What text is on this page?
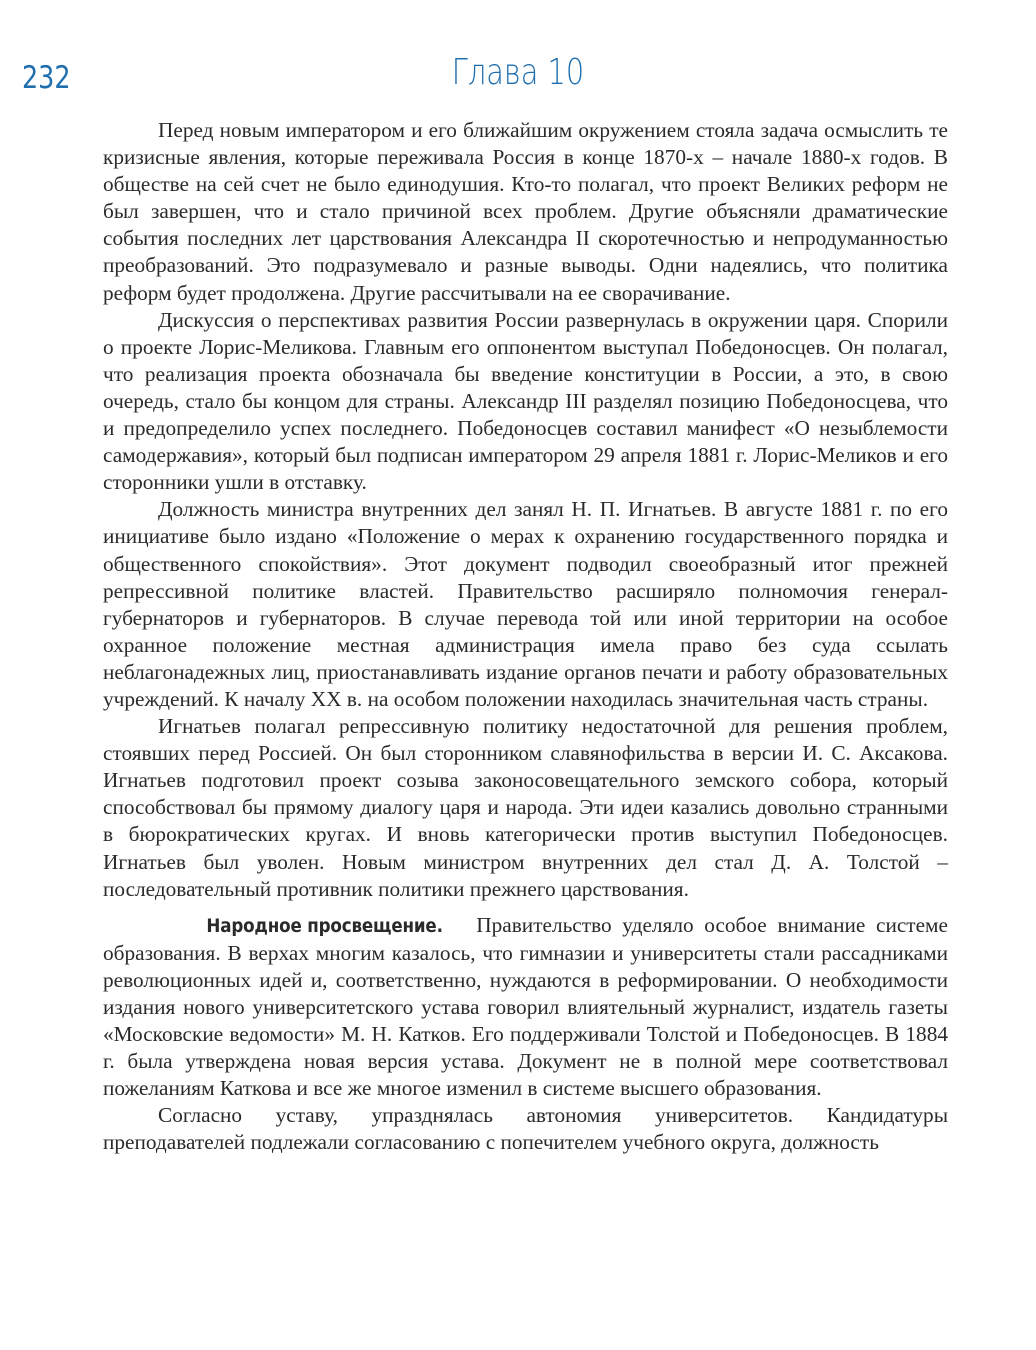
232	Глава 10

Перед новым императором и его ближайшим окружением стояла задача осмыслить те кризисные явления, которые переживала Россия в конце 1870-х – начале 1880-х годов. В обществе на сей счет не было единодушия. Кто-то полагал, что проект Великих реформ не был завершен, что и стало причиной всех проблем. Другие объясняли драматические события последних лет царствования Александра II скоротечностью и непродуманностью преобразований. Это подразумевало и разные выводы. Одни надеялись, что политика реформ будет продолжена. Другие рассчитывали на ее сворачивание.

Дискуссия о перспективах развития России развернулась в окружении царя. Спорили о проекте Лорис-Меликова. Главным его оппонентом выступал Победоносцев. Он полагал, что реализация проекта обозначала бы введение конституции в России, а это, в свою очередь, стало бы концом для страны. Александр III разделял позицию Победоносцева, что и предопределило успех последнего. Победоносцев составил манифест «О незыблемости самодержавия», который был подписан императором 29 апреля 1881 г. Лорис-Меликов и его сторонники ушли в отставку.

Должность министра внутренних дел занял Н. П. Игнатьев. В августе 1881 г. по его инициативе было издано «Положение о мерах к охранению государственного порядка и общественного спокойствия». Этот документ подводил своеобразный итог прежней репрессивной политике властей. Правительство расширяло полномочия генерал-губернаторов и губернаторов. В случае перевода той или иной территории на особое охранное положение местная администрация имела право без суда ссылать неблагонадежных лиц, приостанавливать издание органов печати и работу образовательных учреждений. К началу XX в. на особом положении находилась значительная часть страны.

Игнатьев полагал репрессивную политику недостаточной для решения проблем, стоявших перед Россией. Он был сторонником славянофильства в версии И. С. Аксакова. Игнатьев подготовил проект созыва законосовещательного земского собора, который способствовал бы прямому диалогу царя и народа. Эти идеи казались довольно странными в бюрократических кругах. И вновь категорически против выступил Победоносцев. Игнатьев был уволен. Новым министром внутренних дел стал Д. А. Толстой – последовательный противник политики прежнего царствования.

Народное просвещение. Правительство уделяло особое внимание системе образования. В верхах многим казалось, что гимназии и университеты стали рассадниками революционных идей и, соответственно, нуждаются в реформировании. О необходимости издания нового университетского устава говорил влиятельный журналист, издатель газеты «Московские ведомости» М. Н. Катков. Его поддерживали Толстой и Победоносцев. В 1884 г. была утверждена новая версия устава. Документ не в полной мере соответствовал пожеланиям Каткова и все же многое изменил в системе высшего образования.

Согласно уставу, упразднялась автономия университетов. Кандидатуры преподавателей подлежали согласованию с попечителем учебного округа, должность
